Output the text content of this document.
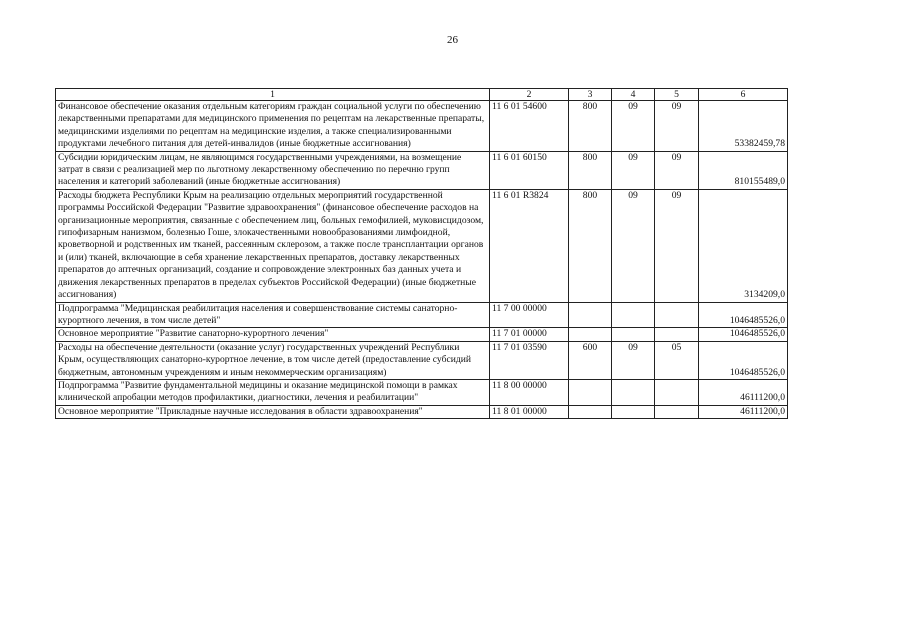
26
1	2	3	4	5	6
Финансовое обеспечение оказания отдельным категориям граждан социальной услуги по обеспечению лекарственными препаратами для медицинского применения по рецептам на лекарственные препараты, медицинскими изделиями по рецептам на медицинские изделия, а также специализированными продуктами лечебного питания для детей-инвалидов (иные бюджетные ассигнования)	11 6 01 54600	800	09	09	53382459,78
Субсидии юридическим лицам, не являющимся государственными учреждениями, на возмещение затрат в связи с реализацией мер по льготному лекарственному обеспечению по перечню групп населения и категорий заболеваний (иные бюджетные ассигнования)	11 6 01 60150	800	09	09	810155489,0
Расходы бюджета Республики Крым на реализацию отдельных мероприятий государственной программы Российской Федерации "Развитие здравоохранения" (финансовое обеспечение расходов на организационные мероприятия, связанные с обеспечением лиц, больных гемофилией, муковисцидозом, гипофизарным нанизмом, болезнью Гоше, злокачественными новообразованиями лимфоидной, кроветворной и родственных им тканей, рассеянным склерозом, а также после трансплантации органов и (или) тканей, включающие в себя хранение лекарственных препаратов, доставку лекарственных препаратов до аптечных организаций, создание и сопровождение электронных баз данных учета и движения лекарственных препаратов в пределах субъектов Российской Федерации) (иные бюджетные ассигнования)	11 6 01 R3824	800	09	09	3134209,0
Подпрограмма "Медицинская реабилитация населения и совершенствование системы санаторно-курортного лечения, в том числе детей"	11 7 00 00000				1046485526,0
Основное мероприятие "Развитие санаторно-курортного лечения"	11 7 01 00000				1046485526,0
Расходы на обеспечение деятельности (оказание услуг) государственных учреждений Республики Крым, осуществляющих санаторно-курортное лечение, в том числе детей (предоставление субсидий бюджетным, автономным учреждениям и иным некоммерческим организациям)	11 7 01 03590	600	09	05	1046485526,0
Подпрограмма "Развитие фундаментальной медицины и оказание медицинской помощи в рамках клинической апробации методов профилактики, диагностики, лечения и реабилитации"	11 8 00 00000				46111200,0
Основное мероприятие "Прикладные научные исследования в области здравоохранения"	11 8 01 00000				46111200,0
